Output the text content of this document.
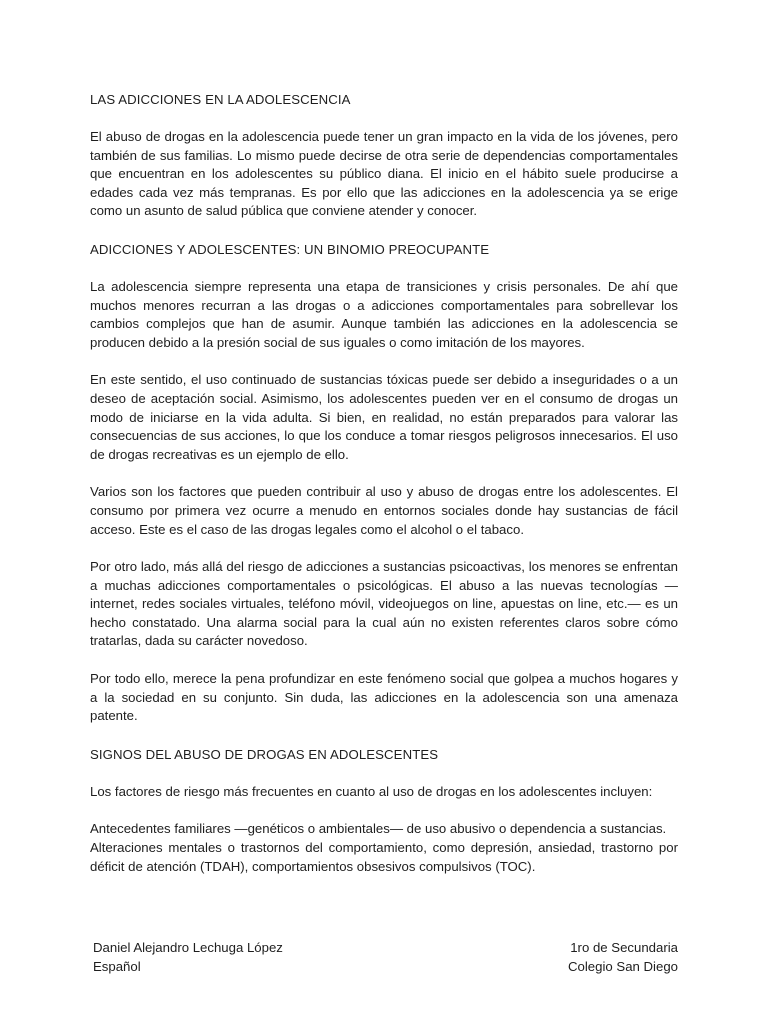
LAS ADICCIONES EN LA ADOLESCENCIA

El abuso de drogas en la adolescencia puede tener un gran impacto en la vida de los jóvenes, pero también de sus familias. Lo mismo puede decirse de otra serie de dependencias comportamentales que encuentran en los adolescentes su público diana. El inicio en el hábito suele producirse a edades cada vez más tempranas. Es por ello que las adicciones en la adolescencia ya se erige como un asunto de salud pública que conviene atender y conocer.

ADICCIONES Y ADOLESCENTES: UN BINOMIO PREOCUPANTE

La adolescencia siempre representa una etapa de transiciones y crisis personales. De ahí que muchos menores recurran a las drogas o a adicciones comportamentales para sobrellevar los cambios complejos que han de asumir. Aunque también las adicciones en la adolescencia se producen debido a la presión social de sus iguales o como imitación de los mayores.

En este sentido, el uso continuado de sustancias tóxicas puede ser debido a inseguridades o a un deseo de aceptación social. Asimismo, los adolescentes pueden ver en el consumo de drogas un modo de iniciarse en la vida adulta. Si bien, en realidad, no están preparados para valorar las consecuencias de sus acciones, lo que los conduce a tomar riesgos peligrosos innecesarios. El uso de drogas recreativas es un ejemplo de ello.

Varios son los factores que pueden contribuir al uso y abuso de drogas entre los adolescentes. El consumo por primera vez ocurre a menudo en entornos sociales donde hay sustancias de fácil acceso. Este es el caso de las drogas legales como el alcohol o el tabaco.

Por otro lado, más allá del riesgo de adicciones a sustancias psicoactivas, los menores se enfrentan a muchas adicciones comportamentales o psicológicas. El abuso a las nuevas tecnologías —internet, redes sociales virtuales, teléfono móvil, videojuegos on line, apuestas on line, etc.— es un hecho constatado. Una alarma social para la cual aún no existen referentes claros sobre cómo tratarlas, dada su carácter novedoso.

Por todo ello, merece la pena profundizar en este fenómeno social que golpea a muchos hogares y a la sociedad en su conjunto. Sin duda, las adicciones en la adolescencia son una amenaza patente.

SIGNOS DEL ABUSO DE DROGAS EN ADOLESCENTES

Los factores de riesgo más frecuentes en cuanto al uso de drogas en los adolescentes incluyen:

Antecedentes familiares —genéticos o ambientales— de uso abusivo o dependencia a sustancias.

Alteraciones mentales o trastornos del comportamiento, como depresión, ansiedad, trastorno por déficit de atención (TDAH), comportamientos obsesivos compulsivos (TOC).

Daniel Alejandro Lechuga López	1ro de Secundaria
Español	Colegio San Diego
